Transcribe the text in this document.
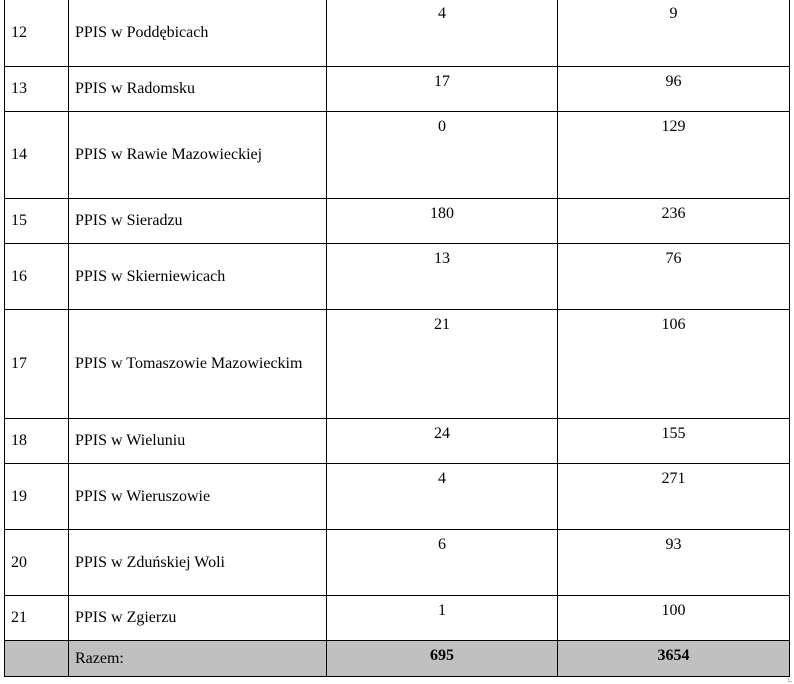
12	PPIS w Poddębicach	4	9
13	PPIS w Radomsku	17	96
14	PPIS w Rawie Mazowieckiej	0	129
15	PPIS w Sieradzu	180	236
16	PPIS w Skierniewicach	13	76
17	PPIS w Tomaszowie Mazowieckim	21	106
18	PPIS w Wieluniu	24	155
19	PPIS w Wieruszowie	4	271
20	PPIS w Zduńskiej Woli	6	93
21	PPIS w Zgierzu	1	100
	Razem:	695	3654
